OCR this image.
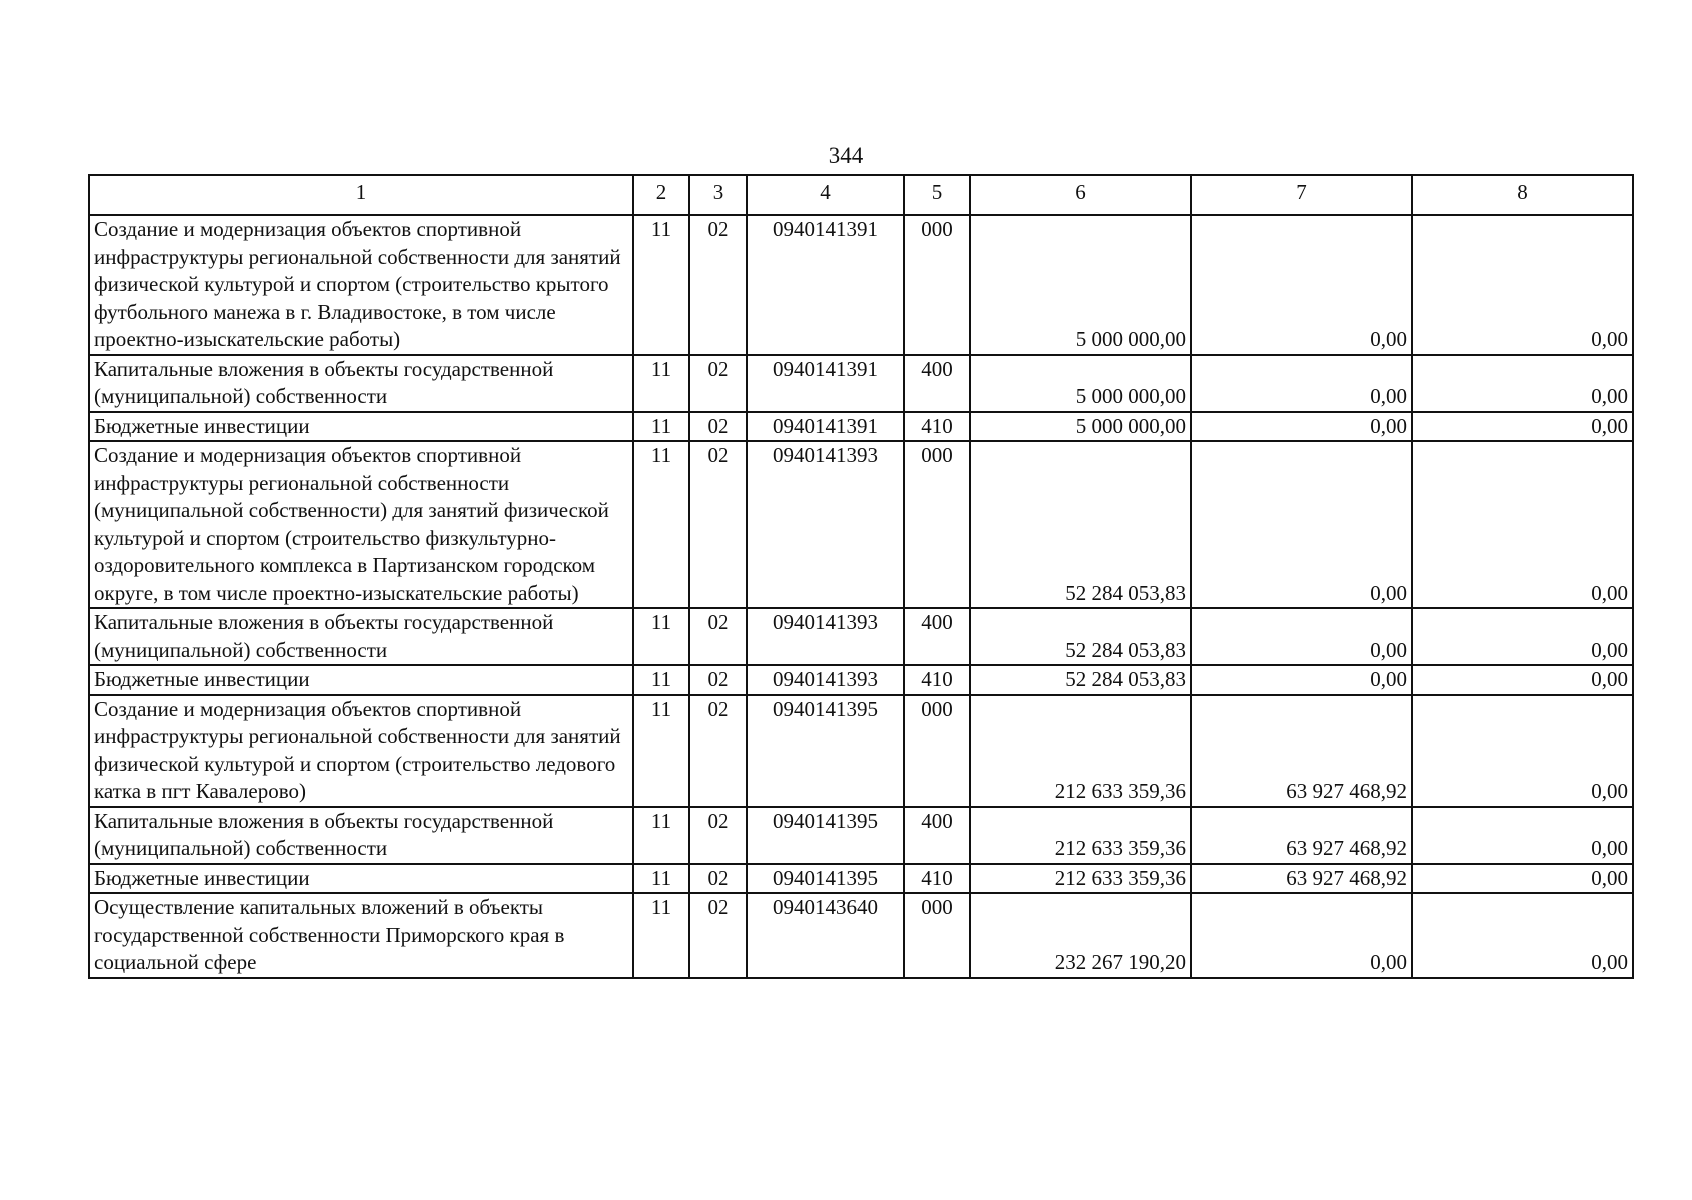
344
1	2	3	4	5	6	7	8
Создание и модернизация объектов спортивной инфраструктуры региональной собственности для занятий физической культурой и спортом (строительство крытого футбольного манежа в г. Владивостоке, в том числе проектно-изыскательские работы)	11	02	0940141391	000	5 000 000,00	0,00	0,00
Капитальные вложения в объекты государственной (муниципальной) собственности	11	02	0940141391	400	5 000 000,00	0,00	0,00
Бюджетные инвестиции	11	02	0940141391	410	5 000 000,00	0,00	0,00
Создание и модернизация объектов спортивной инфраструктуры региональной собственности (муниципальной собственности) для занятий физической культурой и спортом (строительство физкультурно-оздоровительного комплекса в Партизанском городском округе, в том числе проектно-изыскательские работы)	11	02	0940141393	000	52 284 053,83	0,00	0,00
Капитальные вложения в объекты государственной (муниципальной) собственности	11	02	0940141393	400	52 284 053,83	0,00	0,00
Бюджетные инвестиции	11	02	0940141393	410	52 284 053,83	0,00	0,00
Создание и модернизация объектов спортивной инфраструктуры региональной собственности для занятий физической культурой и спортом (строительство ледового катка в пгт Кавалерово)	11	02	0940141395	000	212 633 359,36	63 927 468,92	0,00
Капитальные вложения в объекты государственной (муниципальной) собственности	11	02	0940141395	400	212 633 359,36	63 927 468,92	0,00
Бюджетные инвестиции	11	02	0940141395	410	212 633 359,36	63 927 468,92	0,00
Осуществление капитальных вложений в объекты государственной собственности Приморского края в социальной сфере	11	02	0940143640	000	232 267 190,20	0,00	0,00
